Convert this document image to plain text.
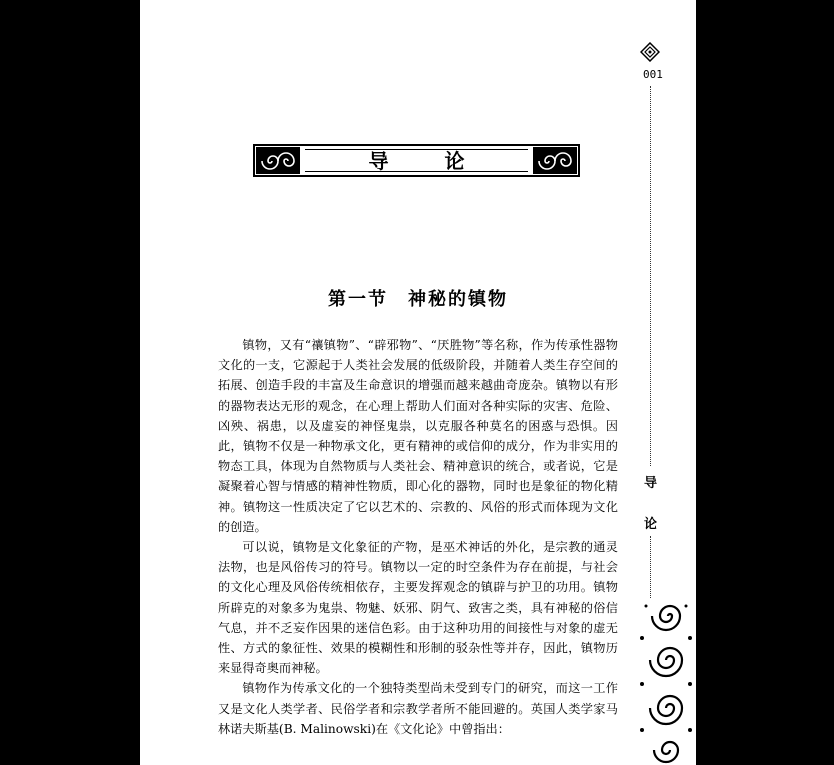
001
导
论
导论
第一节　神秘的镇物

镇物，又有“禳镇物”、“辟邪物”、“厌胜物”等名称，作为传承性器物文化的一支，它源起于人类社会发展的低级阶段，并随着人类生存空间的拓展、创造手段的丰富及生命意识的增强而越来越曲奇庞杂。镇物以有形的器物表达无形的观念，在心理上帮助人们面对各种实际的灾害、危险、凶殃、祸患，以及虚妄的神怪鬼祟，以克服各种莫名的困惑与恐惧。因此，镇物不仅是一种物承文化，更有精神的或信仰的成分，作为非实用的物态工具，体现为自然物质与人类社会、精神意识的统合，或者说，它是凝聚着心智与情感的精神性物质，即心化的器物，同时也是象征的物化精神。镇物这一性质决定了它以艺术的、宗教的、风俗的形式而体现为文化的创造。

可以说，镇物是文化象征的产物，是巫术神话的外化，是宗教的通灵法物，也是风俗传习的符号。镇物以一定的时空条件为存在前提，与社会的文化心理及风俗传统相依存，主要发挥观念的镇辟与护卫的功用。镇物所辟克的对象多为鬼祟、物魅、妖邪、阴气、致害之类，具有神秘的俗信气息，并不乏妄作因果的迷信色彩。由于这种功用的间接性与对象的虚无性、方式的象征性、效果的模糊性和形制的驳杂性等并存，因此，镇物历来显得奇奥而神秘。

镇物作为传承文化的一个独特类型尚未受到专门的研究，而这一工作又是文化人类学者、民俗学者和宗教学者所不能回避的。英国人类学家马林诺夫斯基(B. Malinowski)在《文化论》中曾指出：
